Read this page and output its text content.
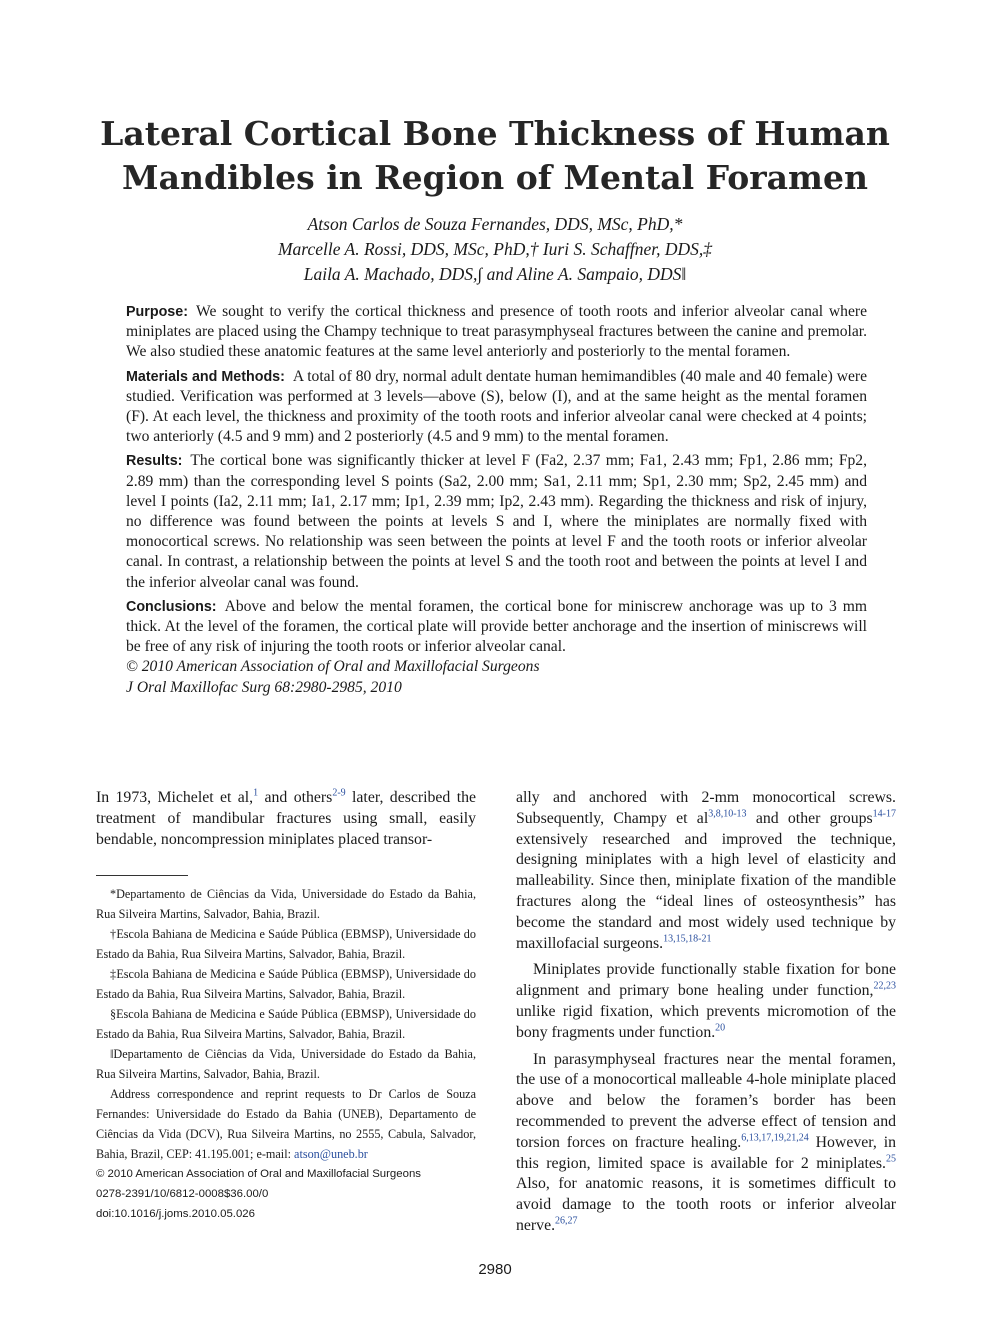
Lateral Cortical Bone Thickness of Human
Mandibles in Region of Mental Foramen
Atson Carlos de Souza Fernandes, DDS, MSc, PhD,*
Marcelle A. Rossi, DDS, MSc, PhD,† Iuri S. Schaffner, DDS,‡
Laila A. Machado, DDS,∫ and Aline A. Sampaio, DDS‖

Purpose: We sought to verify the cortical thickness and presence of tooth roots and inferior alveolar canal where miniplates are placed using the Champy technique to treat parasymphyseal fractures between the canine and premolar. We also studied these anatomic features at the same level anteriorly and posteriorly to the mental foramen.

Materials and Methods: A total of 80 dry, normal adult dentate human hemimandibles (40 male and 40 female) were studied. Verification was performed at 3 levels—above (S), below (I), and at the same height as the mental foramen (F). At each level, the thickness and proximity of the tooth roots and inferior alveolar canal were checked at 4 points; two anteriorly (4.5 and 9 mm) and 2 posteriorly (4.5 and 9 mm) to the mental foramen.

Results: The cortical bone was significantly thicker at level F (Fa2, 2.37 mm; Fa1, 2.43 mm; Fp1, 2.86 mm; Fp2, 2.89 mm) than the corresponding level S points (Sa2, 2.00 mm; Sa1, 2.11 mm; Sp1, 2.30 mm; Sp2, 2.45 mm) and level I points (Ia2, 2.11 mm; Ia1, 2.17 mm; Ip1, 2.39 mm; Ip2, 2.43 mm). Regarding the thickness and risk of injury, no difference was found between the points at levels S and I, where the miniplates are normally fixed with monocortical screws. No relationship was seen between the points at level F and the tooth roots or inferior alveolar canal. In contrast, a relationship between the points at level S and the tooth root and between the points at level I and the inferior alveolar canal was found.

Conclusions: Above and below the mental foramen, the cortical bone for miniscrew anchorage was up to 3 mm thick. At the level of the foramen, the cortical plate will provide better anchorage and the insertion of miniscrews will be free of any risk of injuring the tooth roots or inferior alveolar canal.

© 2010 American Association of Oral and Maxillofacial Surgeons

J Oral Maxillofac Surg 68:2980-2985, 2010

In 1973, Michelet et al,$^1$ and others$^{2-9}$ later, described the treatment of mandibular fractures using small, easily bendable, noncompression miniplates placed transor-

*Departamento de Ciências da Vida, Universidade do Estado da Bahia, Rua Silveira Martins, Salvador, Bahia, Brazil.

†Escola Bahiana de Medicina e Saúde Pública (EBMSP), Universidade do Estado da Bahia, Rua Silveira Martins, Salvador, Bahia, Brazil.

‡Escola Bahiana de Medicina e Saúde Pública (EBMSP), Universidade do Estado da Bahia, Rua Silveira Martins, Salvador, Bahia, Brazil.

§Escola Bahiana de Medicina e Saúde Pública (EBMSP), Universidade do Estado da Bahia, Rua Silveira Martins, Salvador, Bahia, Brazil.

‖Departamento de Ciências da Vida, Universidade do Estado da Bahia, Rua Silveira Martins, Salvador, Bahia, Brazil.

Address correspondence and reprint requests to Dr Carlos de Souza Fernandes: Universidade do Estado da Bahia (UNEB), Departamento de Ciências da Vida (DCV), Rua Silveira Martins, no 2555, Cabula, Salvador, Bahia, Brazil, CEP: 41.195.001; e-mail: atson@uneb.br

© 2010 American Association of Oral and Maxillofacial Surgeons

0278-2391/10/6812-0008$36.00/0

doi:10.1016/j.joms.2010.05.026

ally and anchored with 2-mm monocortical screws. Subsequently, Champy et al$^{3,8,10-13}$ and other groups$^{14-17}$ extensively researched and improved the technique, designing miniplates with a high level of elasticity and malleability. Since then, miniplate fixation of the mandible fractures along the “ideal lines of osteosynthesis” has become the standard and most widely used technique by maxillofacial surgeons.$^{13,15,18-21}$

Miniplates provide functionally stable fixation for bone alignment and primary bone healing under function,$^{22,23}$ unlike rigid fixation, which prevents micromotion of the bony fragments under function.$^{20}$

In parasymphyseal fractures near the mental foramen, the use of a monocortical malleable 4-hole miniplate placed above and below the foramen’s border has been recommended to prevent the adverse effect of tension and torsion forces on fracture healing.$^{6,13,17,19,21,24}$ However, in this region, limited space is available for 2 miniplates.$^{25}$ Also, for anatomic reasons, it is sometimes difficult to avoid damage to the tooth roots or inferior alveolar nerve.$^{26,27}$

2980
